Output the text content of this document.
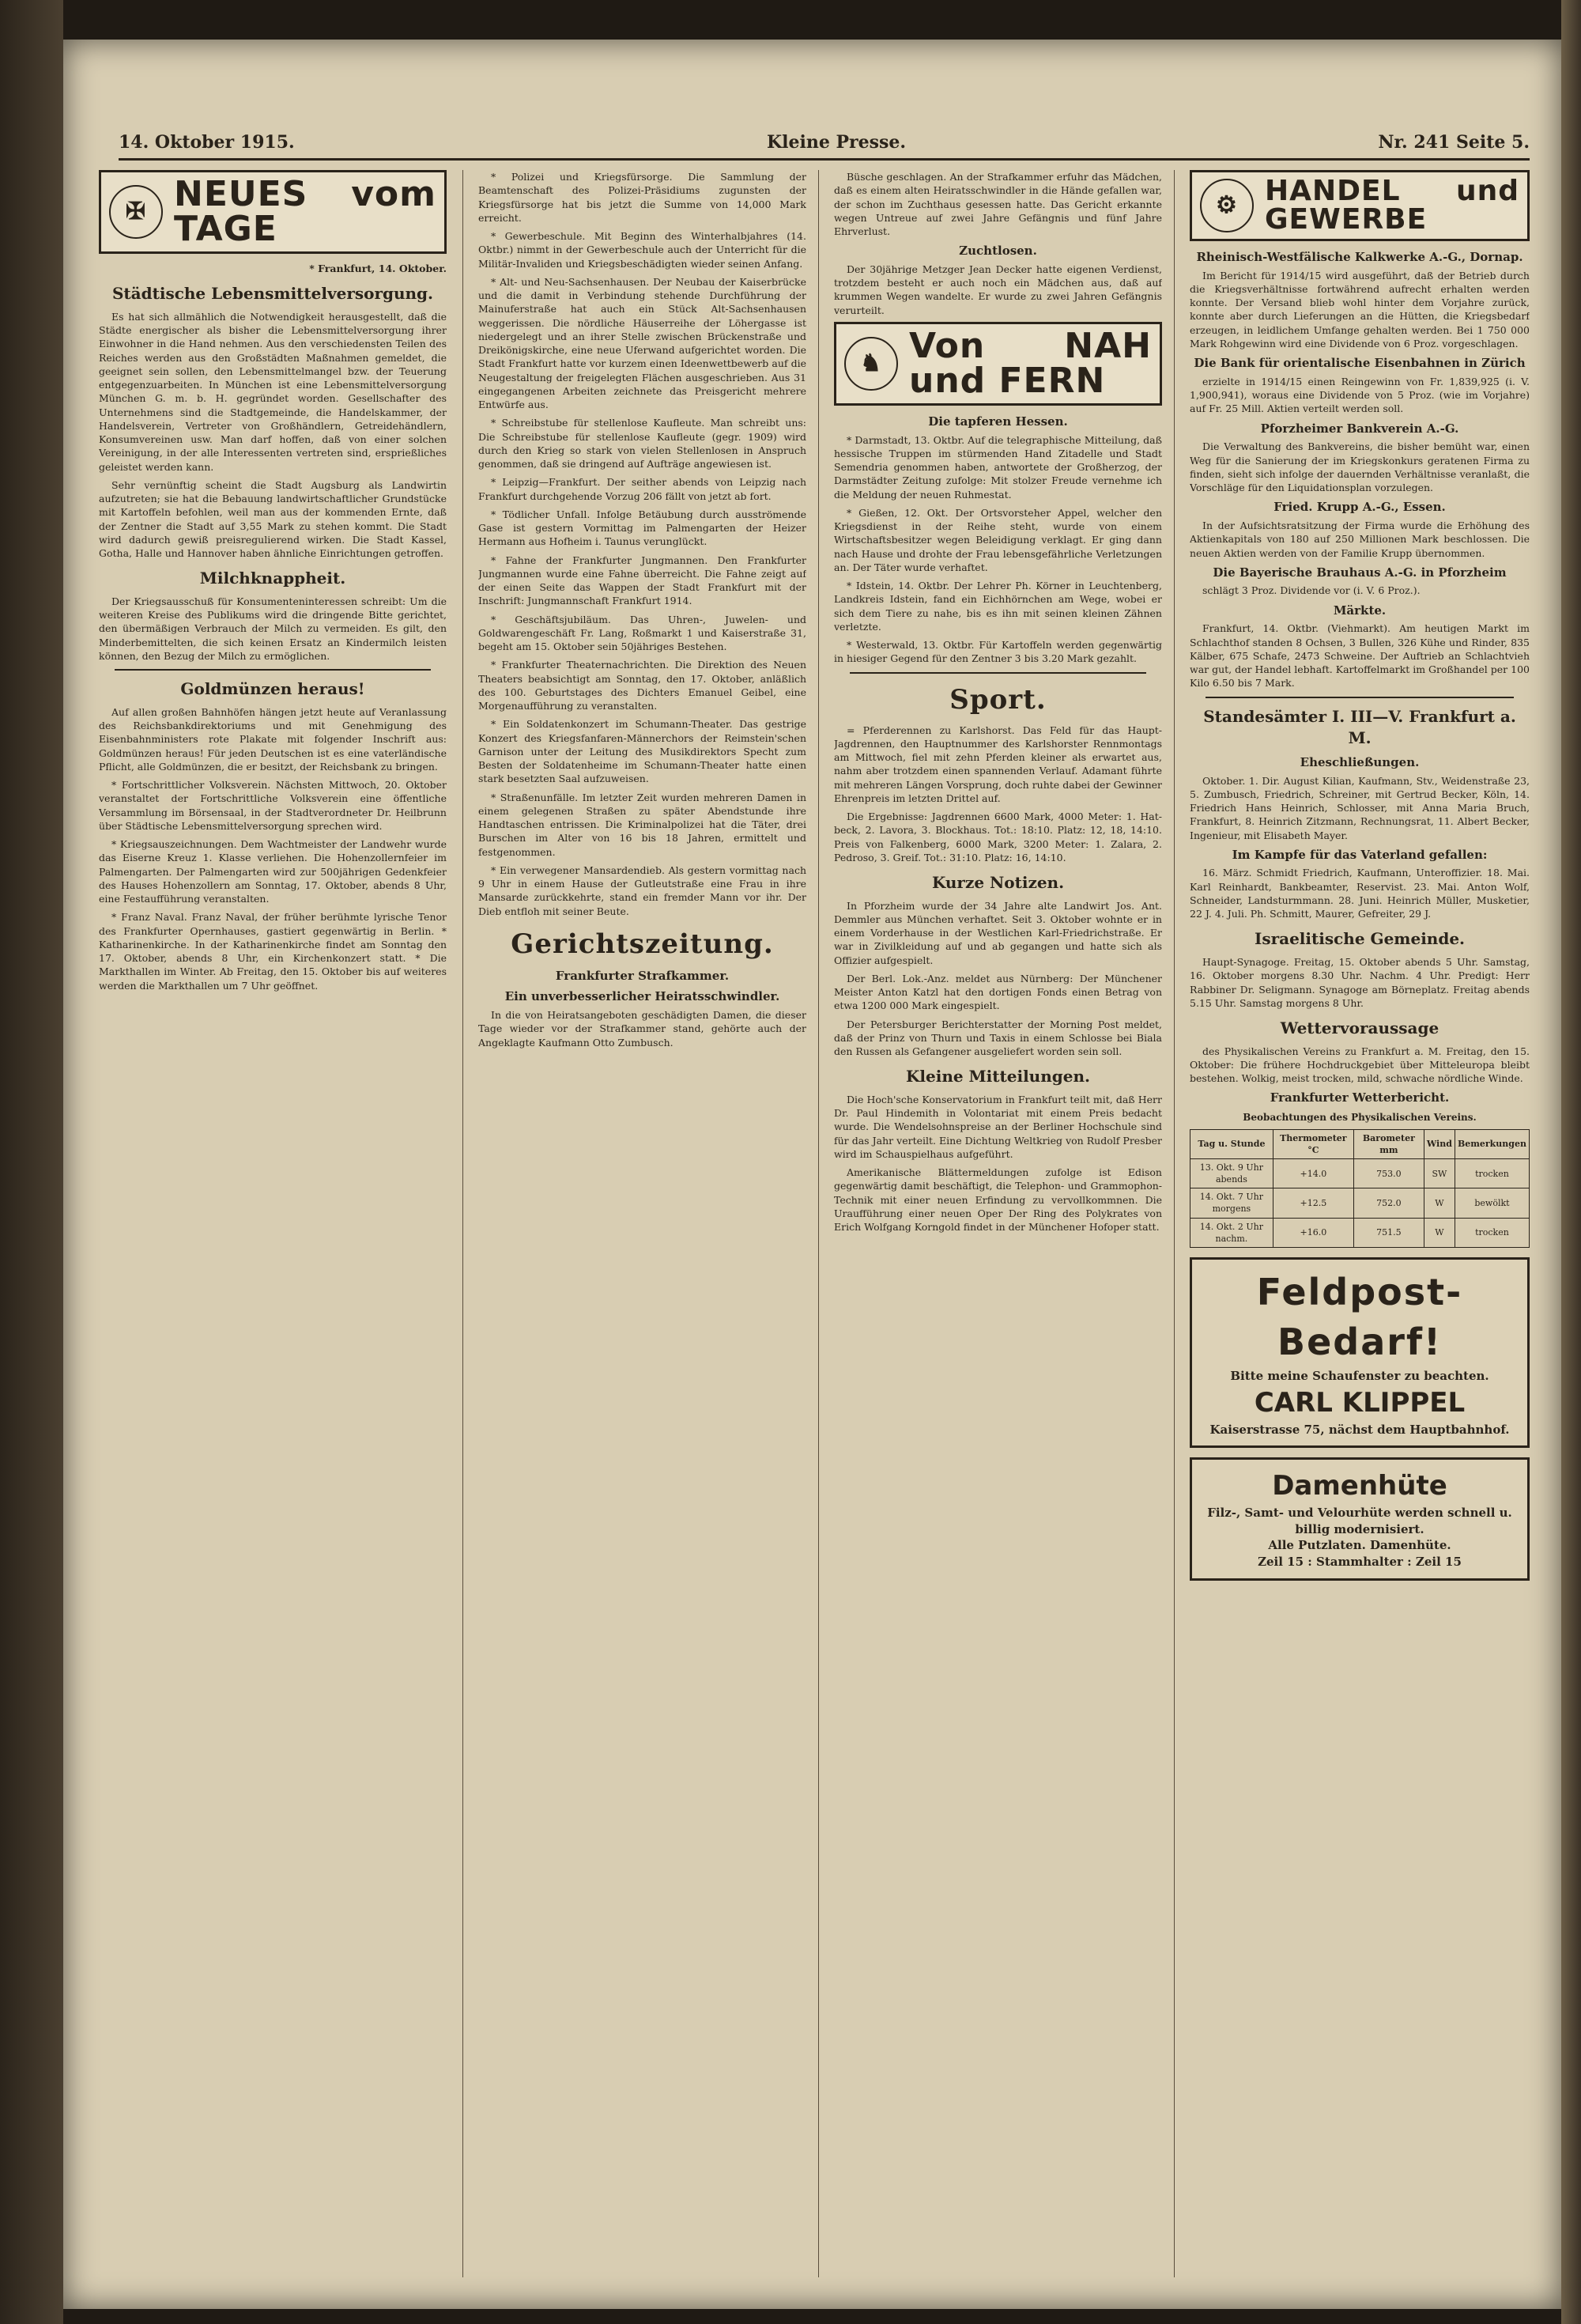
14. Oktober 1915.	Kleine Presse.	Nr. 241 Seite 5.
✠ NEUES vom TAGE
* Frankfurt, 14. Oktober.
Städtische Lebensmittelversorgung.

Es hat sich allmählich die Notwendigkeit herausgestellt, daß die Städte energischer als bisher die Lebensmittelversorgung ihrer Einwohner in die Hand nehmen. Aus den verschiedensten Teilen des Reiches werden aus den Großstädten Maßnahmen gemeldet, die geeignet sein sollen, den Lebensmittelmangel bzw. der Teuerung entgegenzuarbeiten. In München ist eine Lebensmittelversorgung München G. m. b. H. gegründet worden. Gesellschafter des Unternehmens sind die Stadtgemeinde, die Handelskammer, der Handelsverein, Vertreter von Großhändlern, Getreidehändlern, Konsumvereinen usw. Man darf hoffen, daß von einer solchen Vereinigung, in der alle Interessenten vertreten sind, ersprießliches geleistet werden kann.

Sehr vernünftig scheint die Stadt Augsburg als Landwirtin aufzutreten; sie hat die Bebauung landwirtschaftlicher Grundstücke mit Kartoffeln befohlen, weil man aus der kommenden Ernte, daß der Zentner die Stadt auf 3,55 Mark zu stehen kommt. Die Stadt wird dadurch gewiß preisregulierend wirken. Die Stadt Kassel, Gotha, Halle und Hannover haben ähnliche Einrichtungen getroffen.

Milchknappheit.

Der Kriegsausschuß für Konsumenteninteressen schreibt: Um die weiteren Kreise des Publikums wird die dringende Bitte gerichtet, den übermäßigen Verbrauch der Milch zu vermeiden. Es gilt, den Minderbemittelten, die sich keinen Ersatz an Kindermilch leisten können, den Bezug der Milch zu ermöglichen.

Goldmünzen heraus!

Auf allen großen Bahnhöfen hängen jetzt heute auf Veranlassung des Reichsbankdirektoriums und mit Genehmigung des Eisenbahnministers rote Plakate mit folgender Inschrift aus: Goldmünzen heraus! Für jeden Deutschen ist es eine vaterländische Pflicht, alle Goldmünzen, die er besitzt, der Reichsbank zu bringen.

* Fortschrittlicher Volksverein. Nächsten Mittwoch, 20. Oktober veranstaltet der Fortschrittliche Volksverein eine öffentliche Versammlung im Börsensaal, in der Stadtverordneter Dr. Heilbrunn über Städtische Lebensmittelversorgung sprechen wird.

* Kriegsauszeichnungen. Dem Wachtmeister der Landwehr wurde das Eiserne Kreuz 1. Klasse verliehen. Die Hohenzollernfeier im Palmengarten. Der Palmengarten wird zur 500jährigen Gedenkfeier des Hauses Hohenzollern am Sonntag, 17. Oktober, abends 8 Uhr, eine Festaufführung veranstalten.

* Franz Naval. Franz Naval, der früher berühmte lyrische Tenor des Frankfurter Opernhauses, gastiert gegenwärtig in Berlin. * Katharinenkirche. In der Katharinenkirche findet am Sonntag den 17. Oktober, abends 8 Uhr, ein Kirchenkonzert statt. * Die Markthallen im Winter. Ab Freitag, den 15. Oktober bis auf weiteres werden die Markthallen um 7 Uhr geöffnet.

* Polizei und Kriegsfürsorge. Die Sammlung der Beamtenschaft des Polizei-Präsidiums zugunsten der Kriegsfürsorge hat bis jetzt die Summe von 14,000 Mark erreicht.

* Gewerbeschule. Mit Beginn des Winterhalbjahres (14. Oktbr.) nimmt in der Gewerbeschule auch der Unterricht für die Militär-Invaliden und Kriegsbeschädigten wieder seinen Anfang.

* Alt- und Neu-Sachsenhausen. Der Neubau der Kaiserbrücke und die damit in Verbindung stehende Durchführung der Mainuferstraße hat auch ein Stück Alt-Sachsenhausen weggerissen. Die nördliche Häuserreihe der Löhergasse ist niedergelegt und an ihrer Stelle zwischen Brückenstraße und Dreikönigskirche, eine neue Uferwand aufgerichtet worden. Die Stadt Frankfurt hatte vor kurzem einen Ideenwettbewerb auf die Neugestaltung der freigelegten Flächen ausgeschrieben. Aus 31 eingegangenen Arbeiten zeichnete das Preisgericht mehrere Entwürfe aus.

* Schreibstube für stellenlose Kaufleute. Man schreibt uns: Die Schreibstube für stellenlose Kaufleute (gegr. 1909) wird durch den Krieg so stark von vielen Stellenlosen in Anspruch genommen, daß sie dringend auf Aufträge angewiesen ist.

* Leipzig—Frankfurt. Der seither abends von Leipzig nach Frankfurt durchgehende Vorzug 206 fällt von jetzt ab fort.

* Tödlicher Unfall. Infolge Betäubung durch ausströmende Gase ist gestern Vormittag im Palmengarten der Heizer Hermann aus Hofheim i. Taunus verunglückt.

* Fahne der Frankfurter Jungmannen. Den Frankfurter Jungmannen wurde eine Fahne überreicht. Die Fahne zeigt auf der einen Seite das Wappen der Stadt Frankfurt mit der Inschrift: Jungmannschaft Frankfurt 1914.

* Geschäftsjubiläum. Das Uhren-, Juwelen- und Goldwarengeschäft Fr. Lang, Roßmarkt 1 und Kaiserstraße 31, begeht am 15. Oktober sein 50jähriges Bestehen.

* Frankfurter Theaternachrichten. Die Direktion des Neuen Theaters beabsichtigt am Sonntag, den 17. Oktober, anläßlich des 100. Geburtstages des Dichters Emanuel Geibel, eine Morgenaufführung zu veranstalten.

* Ein Soldatenkonzert im Schumann-Theater. Das gestrige Konzert des Kriegsfanfaren-Männerchors der Reimstein'schen Garnison unter der Leitung des Musikdirektors Specht zum Besten der Soldatenheime im Schumann-Theater hatte einen stark besetzten Saal aufzuweisen.

* Straßenunfälle. Im letzter Zeit wurden mehreren Damen in einem gelegenen Straßen zu später Abendstunde ihre Handtaschen entrissen. Die Kriminalpolizei hat die Täter, drei Burschen im Alter von 16 bis 18 Jahren, ermittelt und festgenommen.

* Ein verwegener Mansardendieb. Als gestern vormittag nach 9 Uhr in einem Hause der Gutleutstraße eine Frau in ihre Mansarde zurückkehrte, stand ein fremder Mann vor ihr. Der Dieb entfloh mit seiner Beute.

Gerichtszeitung.
Frankfurter Strafkammer.
Ein unverbesserlicher Heiratsschwindler.

In die von Heiratsangeboten geschädigten Damen, die dieser Tage wieder vor der Strafkammer stand, gehörte auch der Angeklagte Kaufmann Otto Zumbusch.

Büsche geschlagen. An der Strafkammer erfuhr das Mädchen, daß es einem alten Heiratsschwindler in die Hände gefallen war, der schon im Zuchthaus gesessen hatte. Das Gericht erkannte wegen Untreue auf zwei Jahre Gefängnis und fünf Jahre Ehrverlust.

Zuchtlosen.

Der 30jährige Metzger Jean Decker hatte eigenen Verdienst, trotzdem besteht er auch noch ein Mädchen aus, daß auf krummen Wegen wandelte. Er wurde zu zwei Jahren Gefängnis verurteilt.

♞ Von NAH und FERN
Die tapferen Hessen.

* Darmstadt, 13. Oktbr. Auf die telegraphische Mitteilung, daß hessische Truppen im stürmenden Hand Zitadelle und Stadt Semendria genommen haben, antwortete der Großherzog, der Darmstädter Zeitung zufolge: Mit stolzer Freude vernehme ich die Meldung der neuen Ruhmestat.

* Gießen, 12. Okt. Der Ortsvorsteher Appel, welcher den Kriegsdienst in der Reihe steht, wurde von einem Wirtschaftsbesitzer wegen Beleidigung verklagt. Er ging dann nach Hause und drohte der Frau lebensgefährliche Verletzungen an. Der Täter wurde verhaftet.

* Idstein, 14. Oktbr. Der Lehrer Ph. Körner in Leuchtenberg, Landkreis Idstein, fand ein Eichhörnchen am Wege, wobei er sich dem Tiere zu nahe, bis es ihn mit seinen kleinen Zähnen verletzte.

* Westerwald, 13. Oktbr. Für Kartoffeln werden gegenwärtig in hiesiger Gegend für den Zentner 3 bis 3.20 Mark gezahlt.

Sport.

= Pferderennen zu Karlshorst. Das Feld für das Haupt-Jagdrennen, den Hauptnummer des Karlshorster Rennmontags am Mittwoch, fiel mit zehn Pferden kleiner als erwartet aus, nahm aber trotzdem einen spannenden Verlauf. Adamant führte mit mehreren Längen Vorsprung, doch ruhte dabei der Gewinner Ehrenpreis im letzten Drittel auf.

Die Ergebnisse: Jagdrennen 6600 Mark, 4000 Meter: 1. Hatbeck, 2. Lavora, 3. Blockhaus. Tot.: 18:10. Platz: 12, 18, 14:10. Preis von Falkenberg, 6000 Mark, 3200 Meter: 1. Zalara, 2. Pedroso, 3. Greif. Tot.: 31:10. Platz: 16, 14:10.

Kurze Notizen.

In Pforzheim wurde der 34 Jahre alte Landwirt Jos. Ant. Demmler aus München verhaftet. Seit 3. Oktober wohnte er in einem Vorderhause in der Westlichen Karl-Friedrichstraße. Er war in Zivilkleidung auf und ab gegangen und hatte sich als Offizier aufgespielt.

Der Berl. Lok.-Anz. meldet aus Nürnberg: Der Münchener Meister Anton Katzl hat den dortigen Fonds einen Betrag von etwa 1200 000 Mark eingespielt.

Der Petersburger Berichterstatter der Morning Post meldet, daß der Prinz von Thurn und Taxis in einem Schlosse bei Biala den Russen als Gefangener ausgeliefert worden sein soll.

Kleine Mitteilungen.

Die Hoch'sche Konservatorium in Frankfurt teilt mit, daß Herr Dr. Paul Hindemith in Volontariat mit einem Preis bedacht wurde. Die Wendelsohnspreise an der Berliner Hochschule sind für das Jahr verteilt. Eine Dichtung Weltkrieg von Rudolf Presber wird im Schauspielhaus aufgeführt.

Amerikanische Blättermeldungen zufolge ist Edison gegenwärtig damit beschäftigt, die Telephon- und Grammophon-Technik mit einer neuen Erfindung zu vervollkommnen. Die Uraufführung einer neuen Oper Der Ring des Polykrates von Erich Wolfgang Korngold findet in der Münchener Hofoper statt.

⚙ HANDEL und GEWERBE
Rheinisch-Westfälische Kalkwerke A.-G., Dornap.

Im Bericht für 1914/15 wird ausgeführt, daß der Betrieb durch die Kriegsverhältnisse fortwährend aufrecht erhalten werden konnte. Der Versand blieb wohl hinter dem Vorjahre zurück, konnte aber durch Lieferungen an die Hütten, die Kriegsbedarf erzeugen, in leidlichem Umfange gehalten werden. Bei 1 750 000 Mark Rohgewinn wird eine Dividende von 6 Proz. vorgeschlagen.

Die Bank für orientalische Eisenbahnen in Zürich

erzielte in 1914/15 einen Reingewinn von Fr. 1,839,925 (i. V. 1,900,941), woraus eine Dividende von 5 Proz. (wie im Vorjahre) auf Fr. 25 Mill. Aktien verteilt werden soll.

Pforzheimer Bankverein A.-G.

Die Verwaltung des Bankvereins, die bisher bemüht war, einen Weg für die Sanierung der im Kriegskonkurs geratenen Firma zu finden, sieht sich infolge der dauernden Verhältnisse veranlaßt, die Vorschläge für den Liquidationsplan vorzulegen.

Fried. Krupp A.-G., Essen.

In der Aufsichtsratsitzung der Firma wurde die Erhöhung des Aktienkapitals von 180 auf 250 Millionen Mark beschlossen. Die neuen Aktien werden von der Familie Krupp übernommen.

Die Bayerische Brauhaus A.-G. in Pforzheim

schlägt 3 Proz. Dividende vor (i. V. 6 Proz.).

Märkte.

Frankfurt, 14. Oktbr. (Viehmarkt). Am heutigen Markt im Schlachthof standen 8 Ochsen, 3 Bullen, 326 Kühe und Rinder, 835 Kälber, 675 Schafe, 2473 Schweine. Der Auftrieb an Schlachtvieh war gut, der Handel lebhaft. Kartoffelmarkt im Großhandel per 100 Kilo 6.50 bis 7 Mark.

Standesämter I. III—V. Frankfurt a. M.
Eheschließungen.

Oktober. 1. Dir. August Kilian, Kaufmann, Stv., Weidenstraße 23, 5. Zumbusch, Friedrich, Schreiner, mit Gertrud Becker, Köln, 14. Friedrich Hans Heinrich, Schlosser, mit Anna Maria Bruch, Frankfurt, 8. Heinrich Zitzmann, Rechnungsrat, 11. Albert Becker, Ingenieur, mit Elisabeth Mayer.

Im Kampfe für das Vaterland gefallen:

16. März. Schmidt Friedrich, Kaufmann, Unteroffizier. 18. Mai. Karl Reinhardt, Bankbeamter, Reservist. 23. Mai. Anton Wolf, Schneider, Landsturmmann. 28. Juni. Heinrich Müller, Musketier, 22 J. 4. Juli. Ph. Schmitt, Maurer, Gefreiter, 29 J.

Israelitische Gemeinde.

Haupt-Synagoge. Freitag, 15. Oktober abends 5 Uhr. Samstag, 16. Oktober morgens 8.30 Uhr. Nachm. 4 Uhr. Predigt: Herr Rabbiner Dr. Seligmann. Synagoge am Börneplatz. Freitag abends 5.15 Uhr. Samstag morgens 8 Uhr.

Wettervoraussage

des Physikalischen Vereins zu Frankfurt a. M. Freitag, den 15. Oktober: Die frühere Hochdruckgebiet über Mitteleuropa bleibt bestehen. Wolkig, meist trocken, mild, schwache nördliche Winde.

Frankfurter Wetterbericht.
Beobachtungen des Physikalischen Vereins.
Tag u. Stunde	Thermometer °C	Barometer mm	Wind	Bemerkungen
13. Okt. 9 Uhr abends	+14.0	753.0	SW	trocken
14. Okt. 7 Uhr morgens	+12.5	752.0	W	bewölkt
14. Okt. 2 Uhr nachm.	+16.0	751.5	W	trocken
Feldpost-Bedarf!
Bitte meine Schaufenster zu beachten.
CARL KLIPPEL
Kaiserstrasse 75, nächst dem Hauptbahnhof.
Damenhüte
Filz-, Samt- und Velourhüte werden schnell u. billig modernisiert.
Alle Putzlaten. Damenhüte.
Zeil 15 : Stammhalter : Zeil 15
